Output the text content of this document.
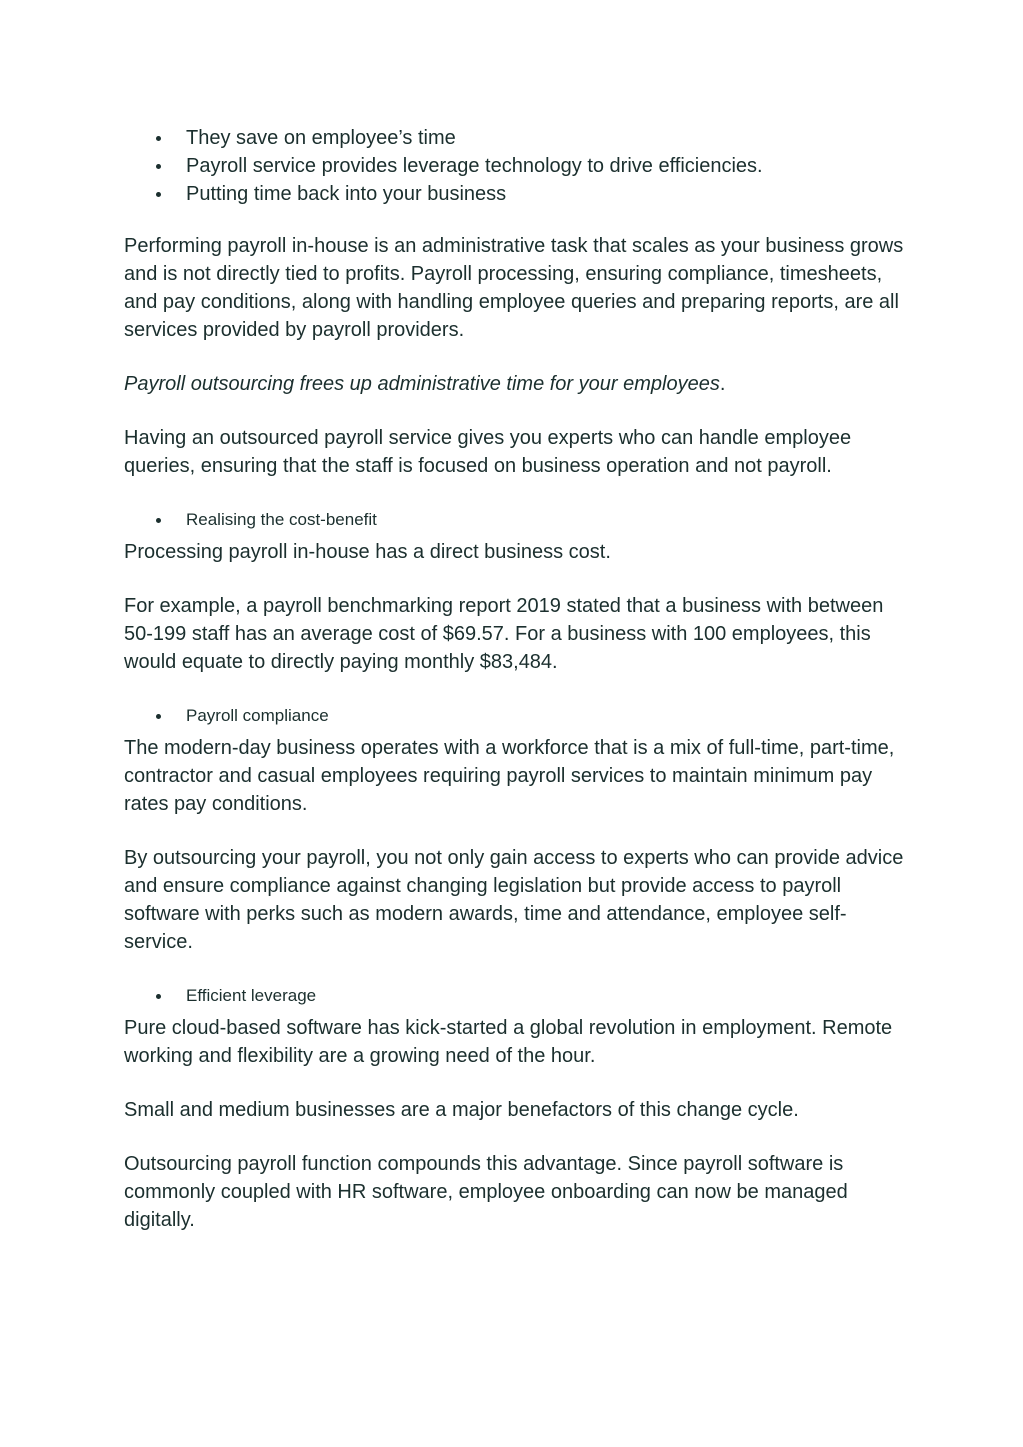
They save on employee’s time
Payroll service provides leverage technology to drive efficiencies.
Putting time back into your business

Performing payroll in-house is an administrative task that scales as your business grows and is not directly tied to profits. Payroll processing, ensuring compliance, timesheets, and pay conditions, along with handling employee queries and preparing reports, are all services provided by payroll providers.

Payroll outsourcing frees up administrative time for your employees.

Having an outsourced payroll service gives you experts who can handle employee queries, ensuring that the staff is focused on business operation and not payroll.

Realising the cost-benefit

Processing payroll in-house has a direct business cost.

For example, a payroll benchmarking report 2019 stated that a business with between 50-199 staff has an average cost of $69.57. For a business with 100 employees, this would equate to directly paying monthly $83,484.

Payroll compliance

The modern-day business operates with a workforce that is a mix of full-time, part-time, contractor and casual employees requiring payroll services to maintain minimum pay rates pay conditions.

By outsourcing your payroll, you not only gain access to experts who can provide advice and ensure compliance against changing legislation but provide access to payroll software with perks such as modern awards, time and attendance, employee self-service.

Efficient leverage

Pure cloud-based software has kick-started a global revolution in employment. Remote working and flexibility are a growing need of the hour.

Small and medium businesses are a major benefactors of this change cycle.

Outsourcing payroll function compounds this advantage. Since payroll software is commonly coupled with HR software, employee onboarding can now be managed digitally.
